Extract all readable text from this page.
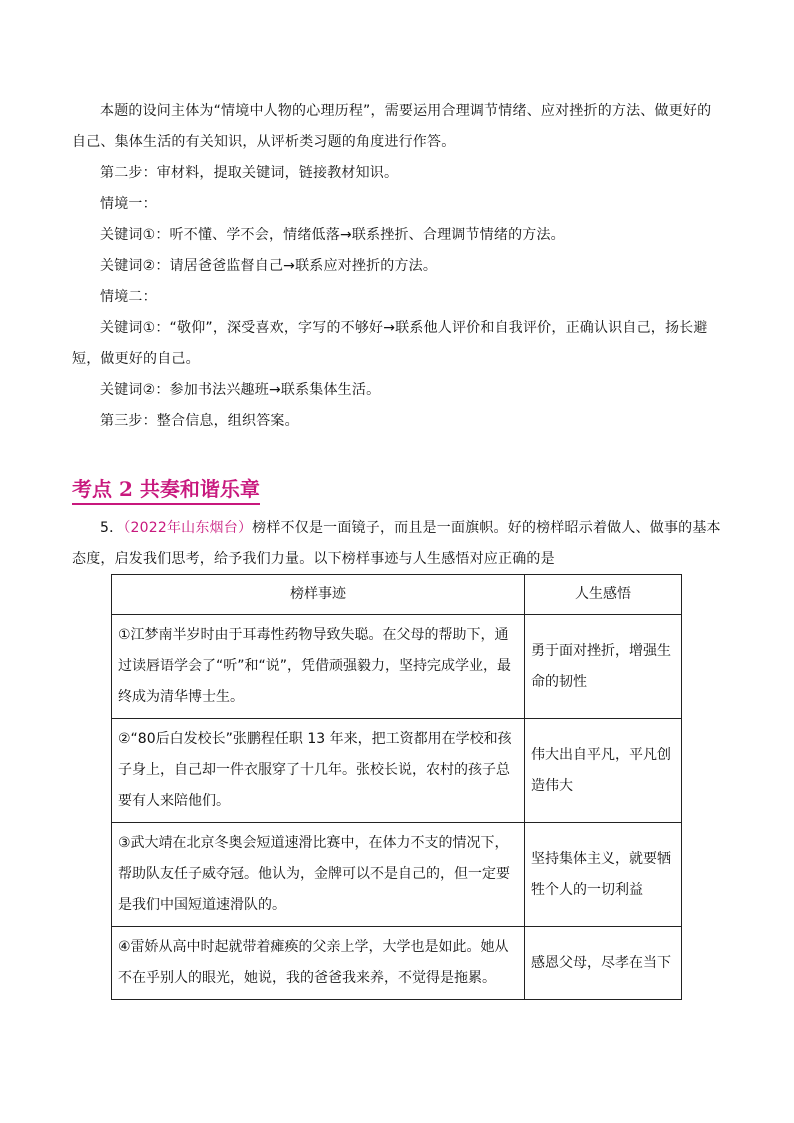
本题的设问主体为“情境中人物的心理历程”，需要运用合理调节情绪、应对挫折的方法、做更好的自己、集体生活的有关知识，从评析类习题的角度进行作答。
第二步：审材料，提取关键词，链接教材知识。
情境一：
关键词①：听不懂、学不会，情绪低落→联系挫折、合理调节情绪的方法。
关键词②：请居爸爸监督自己→联系应对挫折的方法。
情境二：
关键词①：“敬仰”，深受喜欢，字写的不够好→联系他人评价和自我评价，正确认识自己，扬长避短，做更好的自己。
关键词②：参加书法兴趣班→联系集体生活。
第三步：整合信息，组织答案。
考点 2 共奏和谐乐章
5．（2022年山东烟台）榜样不仅是一面镜子，而且是一面旗帜。好的榜样昭示着做人、做事的基本态度，启发我们思考，给予我们力量。以下榜样事迹与人生感悟对应正确的是
榜样事迹	人生感悟
①江梦南半岁时由于耳毒性药物导致失聪。在父母的帮助下，通过读唇语学会了“听”和“说”，凭借顽强毅力，坚持完成学业，最终成为清华博士生。	勇于面对挫折，增强生命的韧性
②“80后白发校长”张鹏程任职 13 年来，把工资都用在学校和孩子身上，自己却一件衣服穿了十几年。张校长说，农村的孩子总要有人来陪他们。	伟大出自平凡，平凡创造伟大
③武大靖在北京冬奥会短道速滑比赛中，在体力不支的情况下，帮助队友任子威夺冠。他认为，金牌可以不是自己的，但一定要是我们中国短道速滑队的。	坚持集体主义，就要牺牲个人的一切利益
④雷娇从高中时起就带着瘫痪的父亲上学，大学也是如此。她从不在乎别人的眼光，她说，我的爸爸我来养，不觉得是拖累。	感恩父母，尽孝在当下
